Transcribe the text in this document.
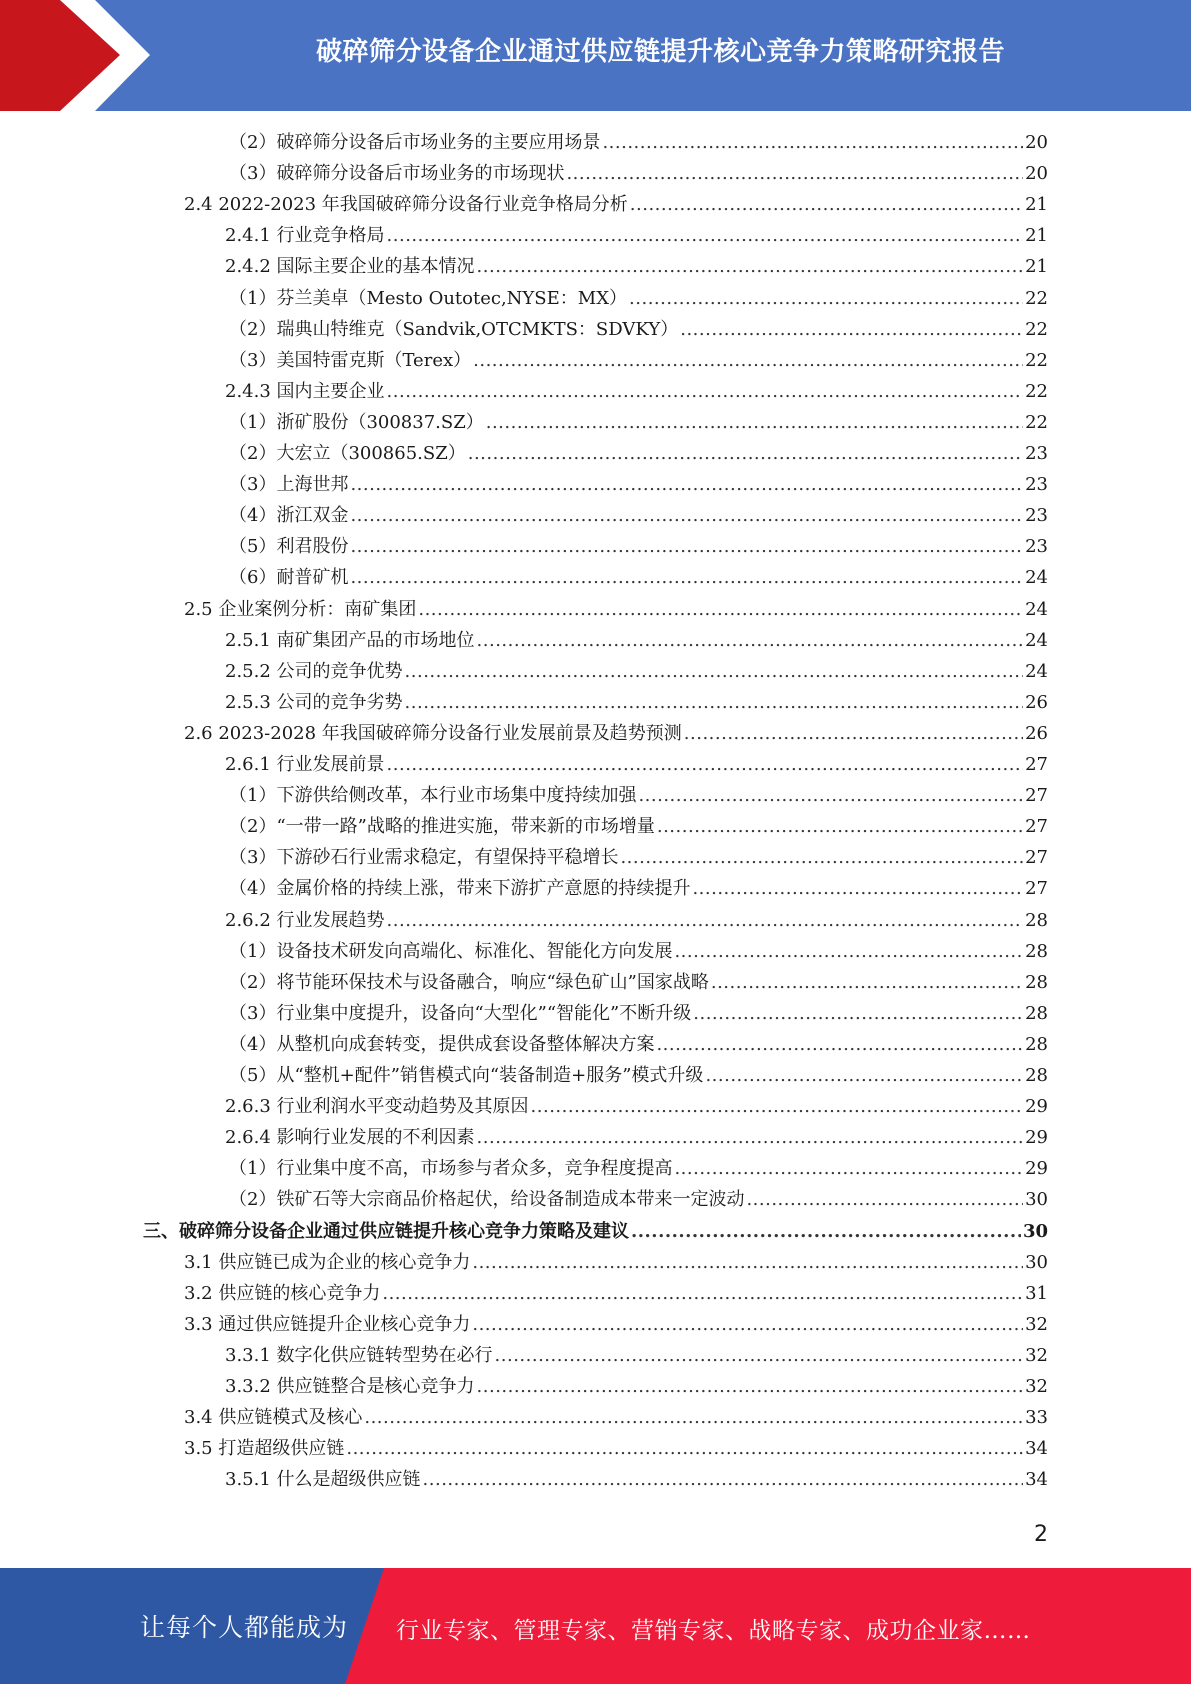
破碎筛分设备企业通过供应链提升核心竞争力策略研究报告
（2）破碎筛分设备后市场业务的主要应用场景 .....	20
（3）破碎筛分设备后市场业务的市场现状 .....	20
2.4 2022-2023 年我国破碎筛分设备行业竞争格局分析 .....	21
2.4.1 行业竞争格局 .....	21
2.4.2 国际主要企业的基本情况 .....	21
（1）芬兰美卓（Mesto Outotec,NYSE：MX） .....	22
（2）瑞典山特维克（Sandvik,OTCMKTS：SDVKY） .....	22
（3）美国特雷克斯（Terex） .....	22
2.4.3 国内主要企业 .....	22
（1）浙矿股份（300837.SZ） .....	22
（2）大宏立（300865.SZ） .....	23
（3）上海世邦 .....	23
（4）浙江双金 .....	23
（5）利君股份 .....	23
（6）耐普矿机 .....	24
2.5 企业案例分析：南矿集团 .....	24
2.5.1 南矿集团产品的市场地位 .....	24
2.5.2 公司的竞争优势 .....	24
2.5.3 公司的竞争劣势 .....	26
2.6 2023-2028 年我国破碎筛分设备行业发展前景及趋势预测 .....	26
2.6.1 行业发展前景 .....	27
（1）下游供给侧改革，本行业市场集中度持续加强 .....	27
（2）“一带一路”战略的推进实施，带来新的市场增量 .....	27
（3）下游砂石行业需求稳定，有望保持平稳增长 .....	27
（4）金属价格的持续上涨，带来下游扩产意愿的持续提升 .....	27
2.6.2 行业发展趋势 .....	28
（1）设备技术研发向高端化、标准化、智能化方向发展 .....	28
（2）将节能环保技术与设备融合，响应“绿色矿山”国家战略 .....	28
（3）行业集中度提升，设备向“大型化”“智能化”不断升级 .....	28
（4）从整机向成套转变，提供成套设备整体解决方案 .....	28
（5）从“整机+配件”销售模式向“装备制造+服务”模式升级 .....	28
2.6.3 行业利润水平变动趋势及其原因 .....	29
2.6.4 影响行业发展的不利因素 .....	29
（1）行业集中度不高，市场参与者众多，竞争程度提高 .....	29
（2）铁矿石等大宗商品价格起伏，给设备制造成本带来一定波动 .....	30
三、破碎筛分设备企业通过供应链提升核心竞争力策略及建议 .....	30
3.1 供应链已成为企业的核心竞争力 .....	30
3.2 供应链的核心竞争力 .....	31
3.3 通过供应链提升企业核心竞争力 .....	32
3.3.1 数字化供应链转型势在必行 .....	32
3.3.2 供应链整合是核心竞争力 .....	32
3.4 供应链模式及核心 .....	33
3.5 打造超级供应链 .....	34
3.5.1 什么是超级供应链 .....	34
2
让每个人都能成为 行业专家、管理专家、营销专家、战略专家、成功企业家……
